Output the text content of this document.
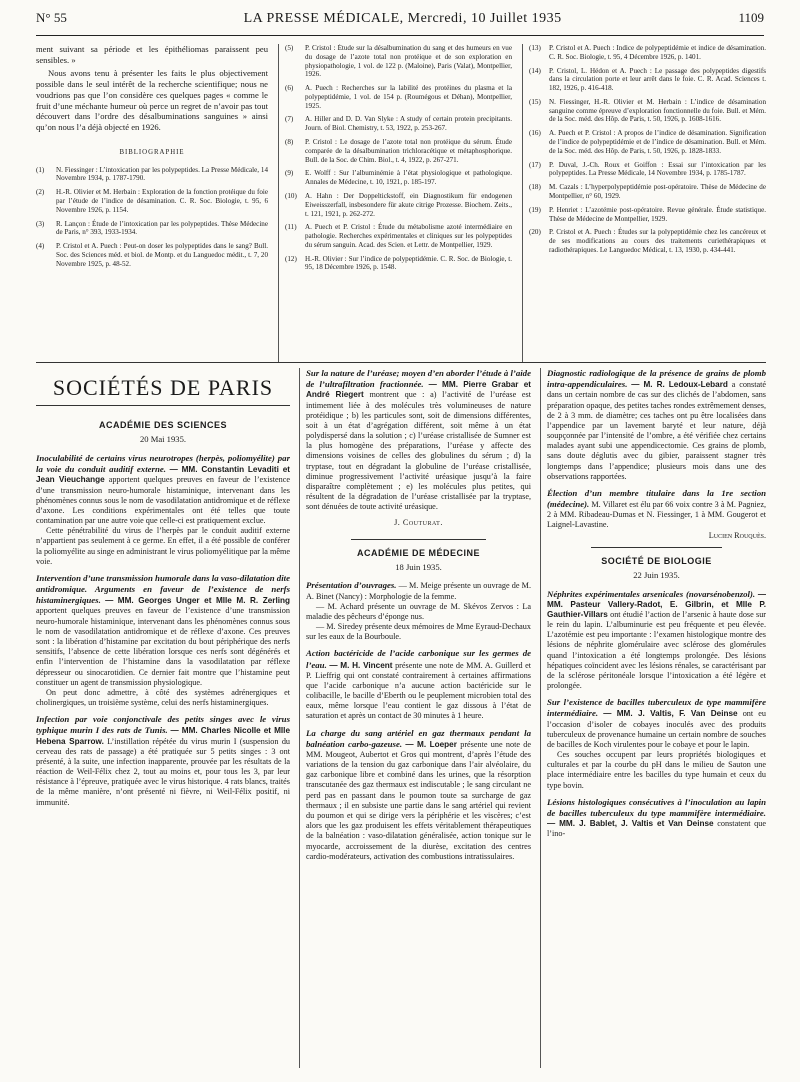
N° 55	LA PRESSE MÉDICALE, Mercredi, 10 Juillet 1935	1109

ment suivant sa période et les épithéliomas paraissent peu sensibles. »

Nous avons tenu à présenter les faits le plus objectivement possible dans le seul intérêt de la recherche scientifique; nous ne voudrions pas que l’on considère ces quelques pages « comme le fruit d’une méchante humeur où perce un regret de n’avoir pas tout découvert dans l’ordre des désalbuminations sanguines » ainsi qu’on nous l’a déjà objecté en 1926.

BIBLIOGRAPHIE
(1)	N. Fiessinger : L’intoxication par les polypeptides. La Presse Médicale, 14 Novembre 1934, p. 1787-1790.
(2)	H.-R. Olivier et M. Herbain : Exploration de la fonction protéique du foie par l’étude de l’indice de désamination. C. R. Soc. Biologie, t. 95, 6 Novembre 1926, p. 1154.
(3)	R. Lançon : Étude de l’intoxication par les polypeptides. Thèse Médecine de Paris, n° 393, 1933-1934.
(4)	P. Cristol et A. Puech : Peut-on doser les polypeptides dans le sang? Bull. Soc. des Sciences méd. et biol. de Montp. et du Languedoc médit., t. 7, 20 Novembre 1925, p. 48-52.
(5)	P. Cristol : Étude sur la désalbumination du sang et des humeurs en vue du dosage de l’azote total non protéique et de son exploration en physiopathologie, 1 vol. de 122 p. (Maloine), Paris (Valat), Montpellier, 1926.
(6)	A. Puech : Recherches sur la labilité des protéines du plasma et la polypeptidémie, 1 vol. de 154 p. (Roumégous et Déhan), Montpellier, 1925.
(7)	A. Hiller and D. D. Van Slyke : A study of certain protein precipitants. Journ. of Biol. Chemistry, t. 53, 1922, p. 253-267.
(8)	P. Cristol : Le dosage de l’azote total non protéique du sérum. Étude comparée de la désalbumination trichloracétique et métaphosphorique. Bull. de la Soc. de Chim. Biol., t. 4, 1922, p. 267-271.
(9)	E. Wolff : Sur l’albuminémie à l’état physiologique et pathologique. Annales de Médecine, t. 10, 1921, p. 185-197.
(10)	A. Hahn : Der Doppeltickstoff, ein Diagnostikum für endogenen Eiweisszerfall, insbesondere für akute citrige Prozesse. Biochem. Zeits., t. 121, 1921, p. 262-272.
(11)	A. Puech et P. Cristol : Étude du métabolisme azoté intermédiaire en pathologie. Recherches expérimentales et cliniques sur les polypeptides du sérum sanguin. Acad. des Scien. et Lettr. de Montpellier, 1929.
(12)	H.-R. Olivier : Sur l’indice de polypeptidémie. C. R. Soc. de Biologie, t. 95, 18 Décembre 1926, p. 1548.
(13)	P. Cristol et A. Puech : Indice de polypeptidémie et indice de désamination. C. R. Soc. Biologie, t. 95, 4 Décembre 1926, p. 1401.
(14)	P. Cristol, L. Hédon et A. Puech : Le passage des polypeptides digestifs dans la circulation porte et leur arrêt dans le foie. C. R. Acad. Sciences t. 182, 1926, p. 416-418.
(15)	N. Fiessinger, H.-R. Olivier et M. Herbain : L’indice de désamination sanguine comme épreuve d’exploration fonctionnelle du foie. Bull. et Mém. de la Soc. méd. des Hôp. de Paris, t. 50, 1926, p. 1608-1616.
(16)	A. Puech et P. Cristol : A propos de l’indice de désamination. Signification de l’indice de polypeptidémie et de l’indice de désamination. Bull. et Mém. de la Soc. méd. des Hôp. de Paris, t. 50, 1926, p. 1828-1833.
(17)	P. Duval, J.-Ch. Roux et Goiffon : Essai sur l’intoxication par les polypeptides. La Presse Médicale, 14 Novembre 1934, p. 1785-1787.
(18)	M. Cazals : L’hyperpolypeptidémie post-opératoire. Thèse de Médecine de Montpellier, n° 60, 1929.
(19)	P. Henriet : L’azotémie post-opératoire. Revue générale. Étude statistique. Thèse de Médecine de Montpellier, 1929.
(20)	P. Cristol et A. Puech : Études sur la polypeptidémie chez les cancéreux et de ses modifications au cours des traitements curiethérapiques et radiothérapiques. Le Languedoc Médical, t. 13, 1930, p. 434-441.
SOCIÉTÉS DE PARIS
ACADÉMIE DES SCIENCES
20 Mai 1935.
Inoculabilité de certains virus neurotropes (herpès, poliomyélite) par la voie du conduit auditif externe. — MM. Constantin Levaditi et Jean Vieuchange apportent quelques preuves en faveur de l’existence d’une transmission neuro-humorale histaminique, intervenant dans les phénomènes connus sous le nom de vasodilatation antidromique et de réflexe d’axone. Les conditions expérimentales ont été telles que toute contamination par une autre voie que celle-ci est pratiquement exclue.
Cette pénétrabilité du virus de l’herpès par le conduit auditif externe n’appartient pas seulement à ce germe. En effet, il a été possible de conférer la poliomyélite au singe en administrant le virus poliomyélitique par la même voie.
Intervention d’une transmission humorale dans la vaso-dilatation dite antidromique. Arguments en faveur de l’existence de nerfs histaminergiques. — MM. Georges Unger et Mlle M. R. Zerling apportent quelques preuves en faveur de l’existence d’une transmission neuro-humorale histaminique, intervenant dans les phénomènes connus sous le nom de vasodilatation antidromique et de réflexe d’axone. Ces preuves sont : la libération d’histamine par excitation du bout périphérique des nerfs sensitifs, l’absence de cette libération lorsque ces nerfs sont dégénérés et enfin l’intervention de l’histamine dans la vasodilatation par réflexe dépresseur ou sinocarotidien. Ce dernier fait montre que l’histamine peut constituer un agent de transmission physiologique.
On peut donc admettre, à côté des systèmes adrénergiques et cholinergiques, un troisième système, celui des nerfs histaminergiques.
Infection par voie conjonctivale des petits singes avec le virus typhique murin I des rats de Tunis. — MM. Charles Nicolle et Mlle Hebena Sparrow. L’instillation répétée du virus murin I (suspension du cerveau des rats de passage) a été pratiquée sur 5 petits singes : 3 ont présenté, à la suite, une infection inapparente, prouvée par les résultats de la réaction de Weil-Félix chez 2, tout au moins et, pour tous les 3, par leur résistance à l’épreuve, pratiquée avec le virus historique. 4 rats blancs, traités de la même manière, n’ont présenté ni fièvre, ni Weil-Félix positif, ni immunité.
Sur la nature de l’uréase; moyen d’en aborder l’étude à l’aide de l’ultrafiltration fractionnée. — MM. Pierre Grabar et André Riegert montrent que : a) l’activité de l’uréase est intimement liée à des molécules très volumineuses de nature protéidique ; b) les particules sont, soit de dimensions différentes, soit à un état d’agrégation différent, soit même à un état polydispersé dans la solution ; c) l’uréase cristallisée de Sumner est la plus homogène des préparations, l’uréase y affecte des dimensions voisines de celles des globulines du sérum ; d) la tryptase, tout en dégradant la globuline de l’uréase cristallisée, diminue progressivement l’activité uréasique jusqu’à la faire disparaître complètement ; e) les molécules plus petites, qui résultent de la dégradation de l’uréase cristallisée par la tryptase, sont dénuées de toute activité uréasique.
J. Couturat.
ACADÉMIE DE MÉDECINE
18 Juin 1935.
Présentation d’ouvrages. — M. Meige présente un ouvrage de M. A. Binet (Nancy) : Morphologie de la femme.
— M. Achard présente un ouvrage de M. Skévos Zervos : La maladie des pêcheurs d’éponge nus.
— M. Siredey présente deux mémoires de Mme Eyraud-Dechaux sur les eaux de la Bourboule.
Action bactéricide de l’acide carbonique sur les germes de l’eau. — M. H. Vincent présente une note de MM. A. Guillerd et P. Lieffrig qui ont constaté contrairement à certaines affirmations que l’acide carbonique n’a aucune action bactéricide sur le colibacille, le bacille d’Eberth ou le peuplement microbien total des eaux, même lorsque l’eau contient le gaz dissous à l’état de saturation et après un contact de 30 minutes à 1 heure.
La charge du sang artériel en gaz thermaux pendant la balnéation carbo-gazeuse. — M. Loeper présente une note de MM. Mougeot, Aubertot et Gros qui montrent, d’après l’étude des variations de la tension du gaz carbonique dans l’air alvéolaire, du gaz carbonique libre et combiné dans les urines, que la résorption transcutanée des gaz thermaux est indiscutable ; le sang circulant ne perd pas en passant dans le poumon toute sa surcharge de gaz thermaux ; il en subsiste une partie dans le sang artériel qui revient du poumon et qui se dirige vers la périphérie et les viscères; c’est alors que les gaz produisent les effets véritablement thérapeutiques de la balnéation : vaso-dilatation généralisée, action tonique sur le myocarde, accroissement de la diurèse, excitation des centres cardio-modérateurs, activation des combustions intratissulaires.
Diagnostic radiologique de la présence de grains de plomb intra-appendiculaires. — M. R. Ledoux-Lebard a constaté dans un certain nombre de cas sur des clichés de l’abdomen, sans préparation opaque, des petites taches rondes extrêmement denses, de 2 à 3 mm. de diamètre; ces taches ont pu être localisées dans l’appendice par un lavement baryté et leur nature, déjà soupçonnée par l’intensité de l’ombre, a été vérifiée chez certains malades ayant subi une appendicectomie. Ces grains de plomb, sans doute déglutis avec du gibier, paraissent stagner très longtemps dans l’appendice; plusieurs mois dans une des observations rapportées.
Élection d’un membre titulaire dans la 1re section (médecine). M. Villaret est élu par 66 voix contre 3 à M. Pagniez, 2 à MM. Ribadeau-Dumas et N. Fiessinger, 1 à MM. Gougerot et Laignel-Lavastine.
Lucien Rouquès.
SOCIÉTÉ DE BIOLOGIE
22 Juin 1935.
Néphrites expérimentales arsenicales (novarsénobenzol). — MM. Pasteur Vallery-Radot, E. Gilbrin, et Mlle P. Gauthier-Villars ont étudié l’action de l’arsenic à haute dose sur le rein du lapin. L’albuminurie est peu fréquente et peu élevée. L’azotémie est peu importante : l’examen histologique montre des lésions de néphrite glomérulaire avec sclérose des glomérules quand l’intoxication a été longtemps prolongée. Des lésions hépatiques coïncident avec les lésions rénales, se caractérisant par de la sclérose péritonéale lorsque l’intoxication a été légère et prolongée.
Sur l’existence de bacilles tuberculeux de type mammifère intermédiaire. — MM. J. Valtis, F. Van Deinse ont eu l’occasion d’isoler de cobayes inoculés avec des produits tuberculeux de provenance humaine un certain nombre de souches de bacilles de Koch virulentes pour le cobaye et pour le lapin.
Ces souches occupent par leurs propriétés biologiques et culturales et par la courbe du pH dans le milieu de Sauton une place intermédiaire entre les bacilles du type humain et ceux du type bovin.
Lésions histologiques consécutives à l’inoculation au lapin de bacilles tuberculeux du type mammifère intermédiaire. — MM. J. Bablet, J. Valtis et Van Deinse constatent que l’ino-
